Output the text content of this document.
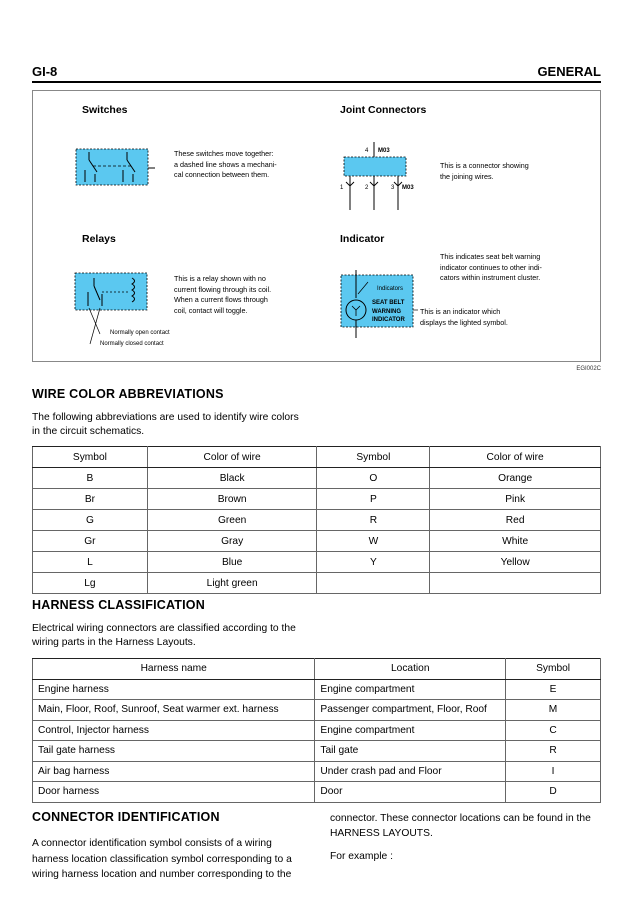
GI-8	GENERAL
Switches
These switches move together:
a dashed line shows a mechani-
cal connection between them.
Joint Connectors
4 M03
1	2	3 M03
This is a connector showing
the joining wires.
Relays
Normally open contact
Normally closed contact
This is a relay shown with no
current flowing through its coil.
When a current flows through
coil, contact will toggle.
Indicator
This indicates seat belt warning
indicator continues to other indi-
cators within instrument cluster.
Indicators
SEAT BELT
WARNING
INDICATOR
This is an indicator which
displays the lighted symbol.
EGI002C
WIRE COLOR ABBREVIATIONS
The following abbreviations are used to identify wire colors
in the circuit schematics.
Symbol	Color of wire	Symbol	Color of wire
B	Black	O	Orange
Br	Brown	P	Pink
G	Green	R	Red
Gr	Gray	W	White
L	Blue	Y	Yellow
Lg	Light green		
HARNESS CLASSIFICATION
Electrical wiring connectors are classified according to the
wiring parts in the Harness Layouts.
Harness name	Location	Symbol
Engine harness	Engine compartment	E
Main, Floor, Roof, Sunroof, Seat warmer ext. harness	Passenger compartment, Floor, Roof	M
Control, Injector harness	Engine compartment	C
Tail gate harness	Tail gate	R
Air bag harness	Under crash pad and Floor	I
Door harness	Door	D
CONNECTOR IDENTIFICATION
A connector identification symbol consists of a wiring
harness location classification symbol corresponding to a
wiring harness location and number corresponding to the
connector. These connector locations can be found in the
HARNESS LAYOUTS.
For example :
